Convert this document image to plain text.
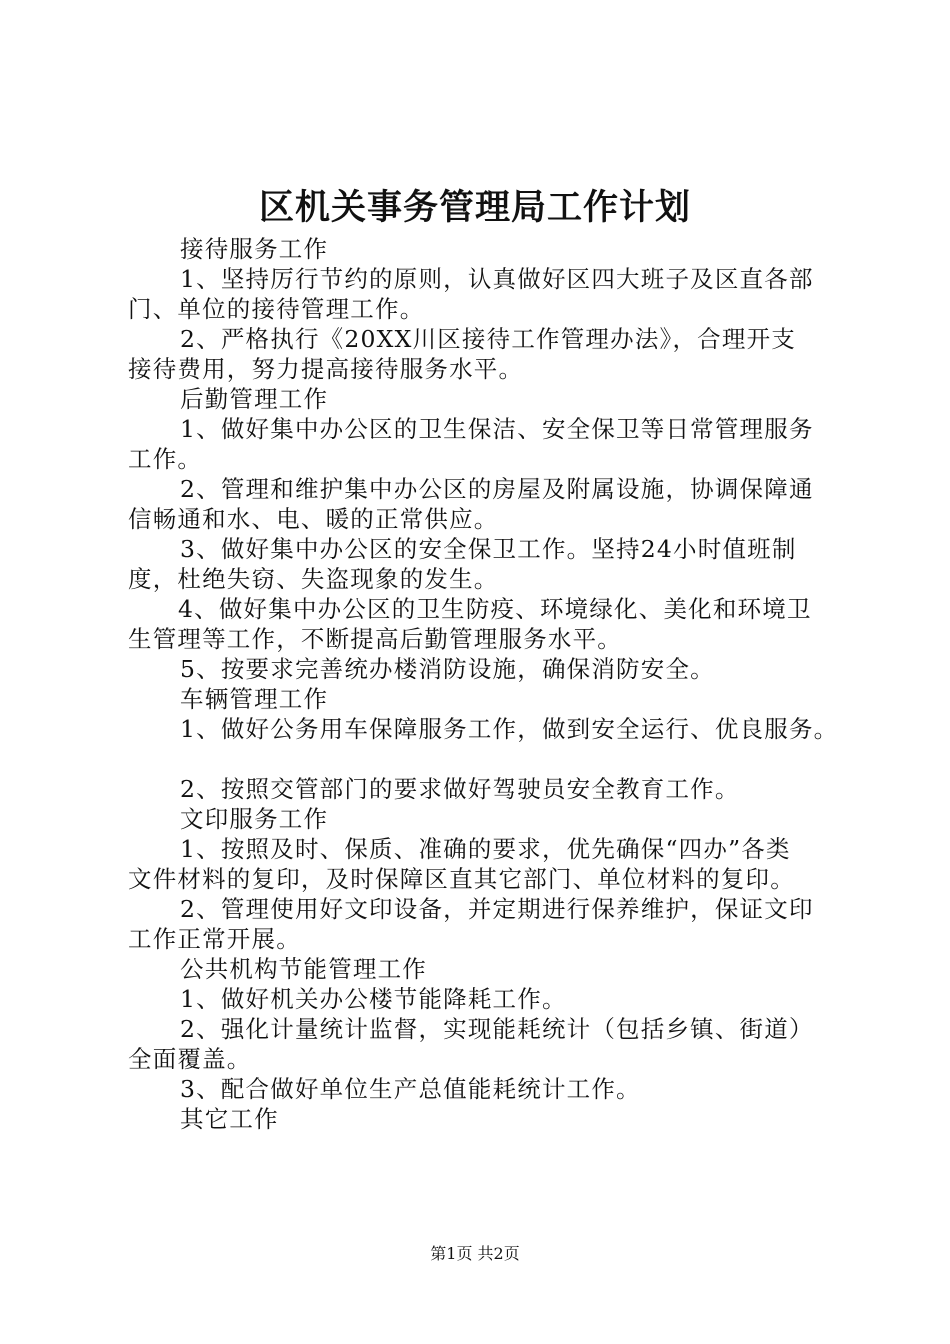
区机关事务管理局工作计划
接待服务工作
1、坚持厉行节约的原则，认真做好区四大班子及区直各部
门、单位的接待管理工作。
2、严格执行《20XX川区接待工作管理办法》，合理开支
接待费用，努力提高接待服务水平。
后勤管理工作
1、做好集中办公区的卫生保洁、安全保卫等日常管理服务
工作。
2、管理和维护集中办公区的房屋及附属设施，协调保障通
信畅通和水、电、暖的正常供应。
3、做好集中办公区的安全保卫工作。坚持24小时值班制
度，杜绝失窃、失盗现象的发生。
4、做好集中办公区的卫生防疫、环境绿化、美化和环境卫
生管理等工作，不断提高后勤管理服务水平。
5、按要求完善统办楼消防设施，确保消防安全。
车辆管理工作
1、做好公务用车保障服务工作，做到安全运行、优良服务。
2、按照交管部门的要求做好驾驶员安全教育工作。
文印服务工作
1、按照及时、保质、准确的要求，优先确保“四办”各类
文件材料的复印，及时保障区直其它部门、单位材料的复印。
2、管理使用好文印设备，并定期进行保养维护，保证文印
工作正常开展。
公共机构节能管理工作
1、做好机关办公楼节能降耗工作。
2、强化计量统计监督，实现能耗统计（包括乡镇、街道）
全面覆盖。
3、配合做好单位生产总值能耗统计工作。
其它工作
第1页 共2页
